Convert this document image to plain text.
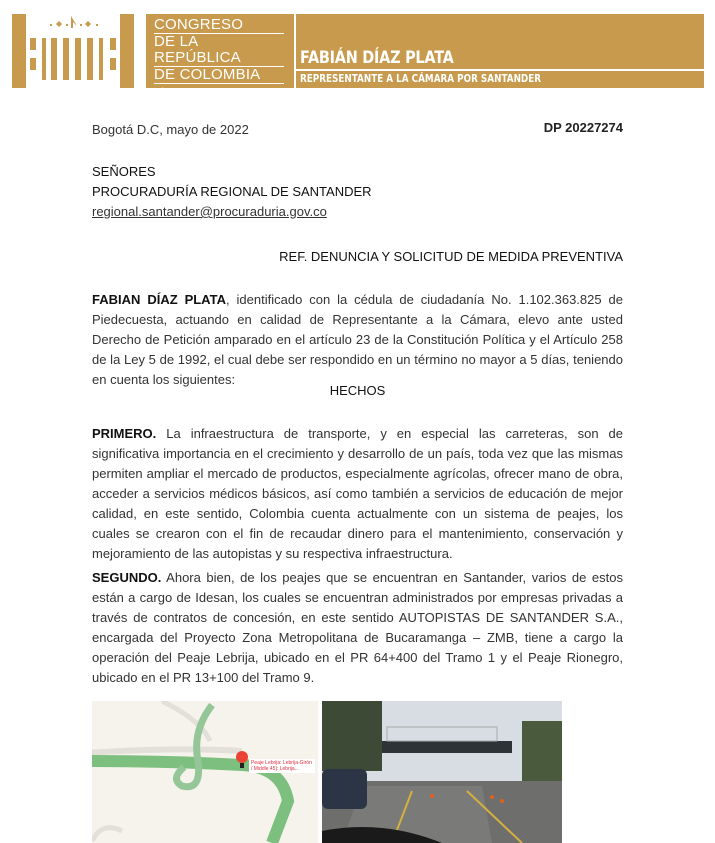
CONGRESO
DE LA REPÚBLICA
DE COLOMBIA
CÁMARA DE REPRESENTANTES
FABIÁN DÍAZ PLATA
REPRESENTANTE A LA CÁMARA POR SANTANDER
Bogotá D.C, mayo de 2022	DP 20227274
SEÑORES
PROCURADURÍA REGIONAL DE SANTANDER
regional.santander@procuraduria.gov.co
REF. DENUNCIA Y SOLICITUD DE MEDIDA PREVENTIVA
FABIAN DÍAZ PLATA, identificado con la cédula de ciudadanía No. 1.102.363.825 de Piedecuesta, actuando en calidad de Representante a la Cámara, elevo ante usted Derecho de Petición amparado en el artículo 23 de la Constitución Política y el Artículo 258 de la Ley 5 de 1992, el cual debe ser respondido en un término no mayor a 5 días, teniendo en cuenta los siguientes:
HECHOS
PRIMERO. La infraestructura de transporte, y en especial las carreteras, son de significativa importancia en el crecimiento y desarrollo de un país, toda vez que las mismas permiten ampliar el mercado de productos, especialmente agrícolas, ofrecer mano de obra, acceder a servicios médicos básicos, así como también a servicios de educación de mejor calidad, en este sentido, Colombia cuenta actualmente con un sistema de peajes, los cuales se crearon con el fin de recaudar dinero para el mantenimiento, conservación y mejoramiento de las autopistas y su respectiva infraestructura.
SEGUNDO. Ahora bien, de los peajes que se encuentran en Santander, varios de estos están a cargo de Idesan, los cuales se encuentran administrados por empresas privadas a través de contratos de concesión, en este sentido AUTOPISTAS DE SANTANDER S.A., encargada del Proyecto Zona Metropolitana de Bucaramanga – ZMB, tiene a cargo la operación del Peaje Lebrija, ubicado en el PR 64+400 del Tramo 1 y el Peaje Rionegro, ubicado en el PR 13+100 del Tramo 9.
Peaje Lebrija: Lebrija-Girón / Middle 45]: Lebrija...
